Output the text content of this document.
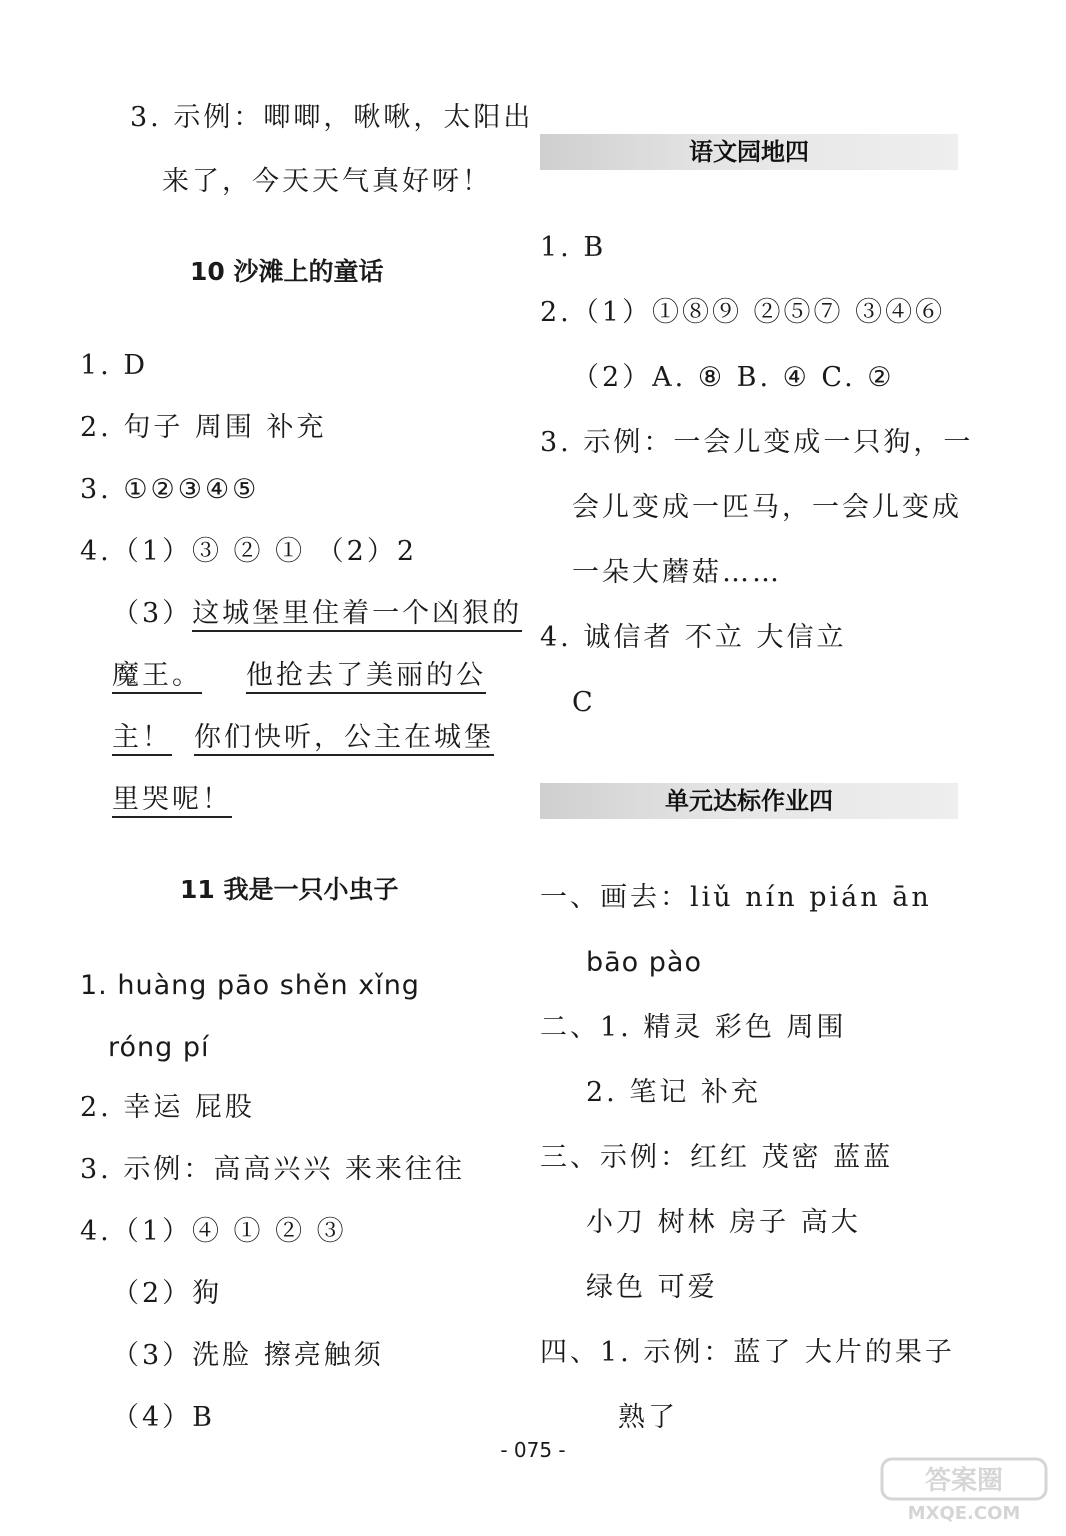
3. 示例：唧唧，啾啾，太阳出
来了，今天天气真好呀！
10 沙滩上的童话
1. D
2. 句子 周围 补充
3. ①②③④⑤
4.（1）③ ② ① （2）2
（3）这城堡里住着一个凶狠的
魔王。 他抢去了美丽的公
主！ 你们快听，公主在城堡
里哭呢！
11 我是一只小虫子
1. huàng pāo shěn xǐng
róng pí
2. 幸运 屁股
3. 示例：高高兴兴 来来往往
4.（1）④ ① ② ③
（2）狗
（3）洗脸 擦亮触须
（4）B
语文园地四
1. B
2.（1）①⑧⑨ ②⑤⑦ ③④⑥
（2）A. ⑧ B. ④ C. ②
3. 示例：一会儿变成一只狗，一
会儿变成一匹马，一会儿变成
一朵大蘑菇……
4. 诚信者 不立 大信立
C
单元达标作业四
一、画去：liǔ nín pián ān
bāo pào
二、1. 精灵 彩色 周围
2. 笔记 补充
三、示例：红红 茂密 蓝蓝
小刀 树林 房子 高大
绿色 可爱
四、1. 示例：蓝了 大片的果子
熟了
- 075 -
答案圈
MXQE.COM
